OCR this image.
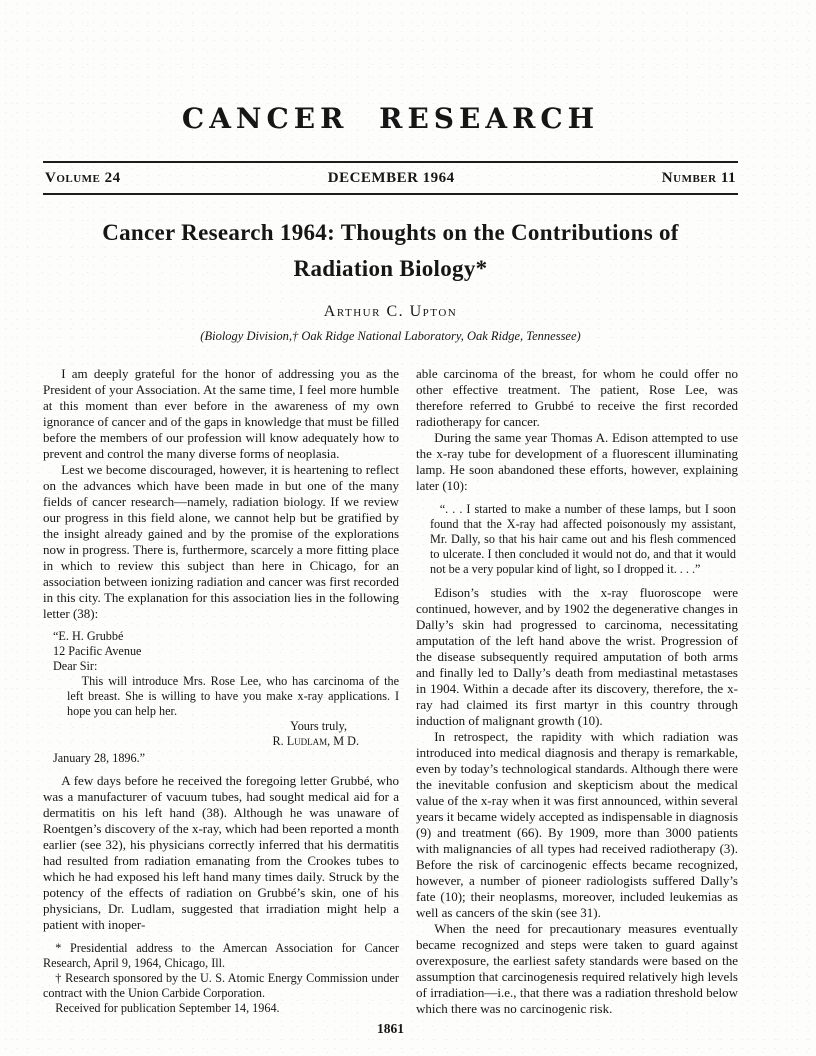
CANCER RESEARCH
Volume 24	DECEMBER 1964	Number 11
Cancer Research 1964: Thoughts on the Contributions of
Radiation Biology*
Arthur C. Upton
(Biology Division,† Oak Ridge National Laboratory, Oak Ridge, Tennessee)

I am deeply grateful for the honor of addressing you as the President of your Association. At the same time, I feel more humble at this moment than ever before in the awareness of my own ignorance of cancer and of the gaps in knowledge that must be filled before the members of our profession will know adequately how to prevent and control the many diverse forms of neoplasia.

Lest we become discouraged, however, it is heartening to reflect on the advances which have been made in but one of the many fields of cancer research—namely, radiation biology. If we review our progress in this field alone, we cannot help but be gratified by the insight already gained and by the promise of the explorations now in progress. There is, furthermore, scarcely a more fitting place in which to review this subject than here in Chicago, for an association between ionizing radiation and cancer was first recorded in this city. The explanation for this association lies in the following letter (38):

“E. H. Grubbé

12 Pacific Avenue

Dear Sir:

This will introduce Mrs. Rose Lee, who has carcinoma of the left breast. She is willing to have you make x-ray applications. I hope you can help her.

Yours truly,

R. Ludlam, M D.

January 28, 1896.”

A few days before he received the foregoing letter Grubbé, who was a manufacturer of vacuum tubes, had sought medical aid for a dermatitis on his left hand (38). Although he was unaware of Roentgen’s discovery of the x-ray, which had been reported a month earlier (see 32), his physicians correctly inferred that his dermatitis had resulted from radiation emanating from the Crookes tubes to which he had exposed his left hand many times daily. Struck by the potency of the effects of radiation on Grubbé’s skin, one of his physicians, Dr. Ludlam, suggested that irradiation might help a patient with inoper-

* Presidential address to the Amercan Association for Cancer Research, April 9, 1964, Chicago, Ill.

† Research sponsored by the U. S. Atomic Energy Commission under contract with the Union Carbide Corporation.

Received for publication September 14, 1964.

able carcinoma of the breast, for whom he could offer no other effective treatment. The patient, Rose Lee, was therefore referred to Grubbé to receive the first recorded radiotherapy for cancer.

During the same year Thomas A. Edison attempted to use the x-ray tube for development of a fluorescent illuminating lamp. He soon abandoned these efforts, however, explaining later (10):

“. . . I started to make a number of these lamps, but I soon found that the X-ray had affected poisonously my assistant, Mr. Dally, so that his hair came out and his flesh commenced to ulcerate. I then concluded it would not do, and that it would not be a very popular kind of light, so I dropped it. . . .”

Edison’s studies with the x-ray fluoroscope were continued, however, and by 1902 the degenerative changes in Dally’s skin had progressed to carcinoma, necessitating amputation of the left hand above the wrist. Progression of the disease subsequently required amputation of both arms and finally led to Dally’s death from mediastinal metastases in 1904. Within a decade after its discovery, therefore, the x-ray had claimed its first martyr in this country through induction of malignant growth (10).

In retrospect, the rapidity with which radiation was introduced into medical diagnosis and therapy is remarkable, even by today’s technological standards. Although there were the inevitable confusion and skepticism about the medical value of the x-ray when it was first announced, within several years it became widely accepted as indispensable in diagnosis (9) and treatment (66). By 1909, more than 3000 patients with malignancies of all types had received radiotherapy (3). Before the risk of carcinogenic effects became recognized, however, a number of pioneer radiologists suffered Dally’s fate (10); their neoplasms, moreover, included leukemias as well as cancers of the skin (see 31).

When the need for precautionary measures eventually became recognized and steps were taken to guard against overexposure, the earliest safety standards were based on the assumption that carcinogenesis required relatively high levels of irradiation—i.e., that there was a radiation threshold below which there was no carcinogenic risk.

1861
